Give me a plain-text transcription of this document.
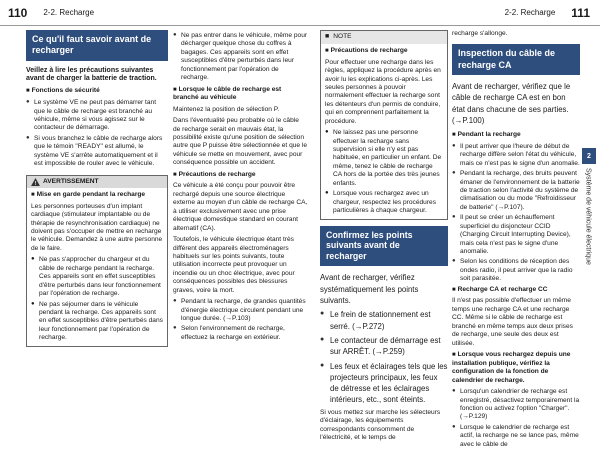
110 2-2. Recharge	2-2. Recharge 111
2
Système de véhicule électrique
Ce qu'il faut savoir avant de recharger

Veillez à lire les précautions suivantes avant de charger la batterie de traction.

■ Fonctions de sécurité

● Le système VE ne peut pas démarrer tant que le câble de recharge est branché au véhicule, même si vous agissez sur le contacteur de démarrage.
● Si vous branchez le câble de recharge alors que le témoin "READY" est allumé, le système VE s'arrête automatiquement et il est impossible de rouler avec le véhicule.
! AVERTISSEMENT

■ Mise en garde pendant la recharge

Les personnes porteuses d'un implant cardiaque (stimulateur implantable ou de thérapie de resynchronisation cardiaque) ne doivent pas s'occuper de mettre en recharge le véhicule. Demandez à une autre personne de le faire.

● Ne pas s'approcher du chargeur et du câble de recharge pendant la recharge. Ces appareils sont en effet susceptibles d'être perturbés dans leur fonctionnement par l'opération de recharge.
● Ne pas séjourner dans le véhicule pendant la recharge. Ces appareils sont en effet susceptibles d'être perturbés dans leur fonctionnement par l'opération de recharge.
● Ne pas entrer dans le véhicule, même pour décharger quelque chose du coffres à bagages. Ces appareils sont en effet susceptibles d'être perturbés dans leur fonctionnement par l'opération de recharge.

■ Lorsque le câble de recharge est branché au véhicule

Maintenez la position de sélection P.

Dans l'éventualité peu probable où le câble de recharge serait en mauvais état, la possibilité existe qu'une position de sélection autre que P puisse être sélectionnée et que le véhicule se mette en mouvement, avec pour conséquence possible un accident.

■ Précautions de recharge

Ce véhicule a été conçu pour pouvoir être rechargé depuis une source électrique externe au moyen d'un câble de recharge CA, à utiliser exclusivement avec une prise électrique domestique standard en courant alternatif (CA).

Toutefois, le véhicule électrique étant très différent des appareils électroménagers habituels sur les points suivants, toute utilisation incorrecte peut provoquer un incendie ou un choc électrique, avec pour conséquences possibles des blessures graves, voire la mort.

● Pendant la recharge, de grandes quantités d'énergie électrique circulent pendant une longue durée. (→P.103)
● Selon l'environnement de recharge, effectuez la recharge en extérieur.
■ NOTE

■ Précautions de recharge

Pour effectuer une recharge dans les règles, appliquez la procédure après en avoir lu les explications ci-après. Les seules personnes à pouvoir normalement effectuer la recharge sont les détenteurs d'un permis de conduire, qui en comprennent parfaitement la procédure.

● Ne laissez pas une personne effectuer la recharge sans supervision si elle n'y est pas habituée, en particulier un enfant. De même, tenez le câble de recharge CA hors de la portée des très jeunes enfants.
● Lorsque vous rechargez avec un chargeur, respectez les procédures particulières à chaque chargeur.
Confirmez les points suivants avant de recharger

Avant de recharger, vérifiez systématiquement les points suivants.

● Le frein de stationnement est serré. (→P.272)
● Le contacteur de démarrage est sur ARRÊT. (→P.259)
● Les feux et éclairages tels que les projecteurs principaux, les feux de détresse et les éclairages intérieurs, etc., sont éteints.

Si vous mettez sur marche les sélecteurs d'éclairage, les équipements correspondants consomment de l'électricité, et le temps de

recharge s'allonge.

Inspection du câble de recharge CA

Avant de recharger, vérifiez que le câble de recharge CA est en bon état dans chacune de ses parties. (→P.100)

■ Pendant la recharge

● Il peut arriver que l'heure de début de recharge diffère selon l'état du véhicule, mais ce n'est pas le signe d'un anomalie.
● Pendant la recharge, des bruits peuvent émaner de l'environnement de la batterie de traction selon l'activité du système de climatisation ou du mode "Refroidisseur de batterie" (→P.107).
● Il peut se créer un échauffement superficiel du disjoncteur CCID (Charging Circuit Interrupting Device), mais cela n'est pas le signe d'une anomalie.
● Selon les conditions de réception des ondes radio, il peut arriver que la radio soit parasitée.

■ Recharge CA et recharge CC

Il n'est pas possible d'effectuer un même temps une recharge CA et une recharge CC. Même si le câble de recharge est branché en même temps aux deux prises de recharge, une seule des deux est utilisée.

■ Lorsque vous rechargez depuis une installation publique, vérifiez la configuration de la fonction de calendrier de recharge.

● Lorsqu'un calendrier de recharge est enregistré, désactivez temporairement la fonction ou activez l'option "Charger". (→P.129)
● Lorsque le calendrier de recharge est actif, la recharge ne se lance pas, même avec le câble de
